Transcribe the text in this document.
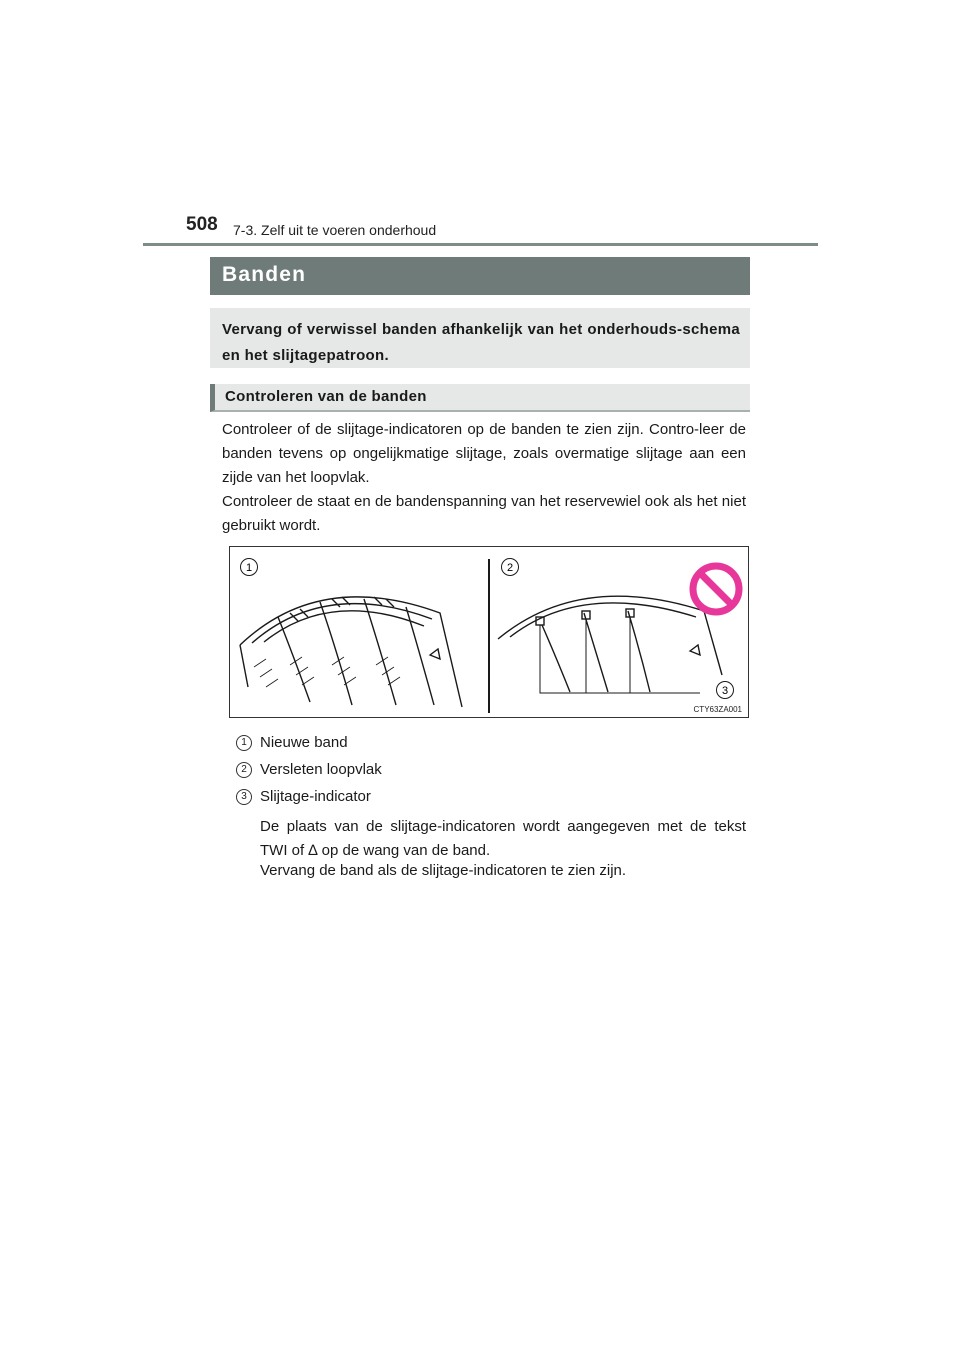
508 7-3. Zelf uit te voeren onderhoud
Banden
Vervang of verwissel banden afhankelijk van het onderhouds-schema en het slijtagepatroon.
Controleren van de banden

Controleer of de slijtage-indicatoren op de banden te zien zijn. Contro-leer de banden tevens op ongelijkmatige slijtage, zoals overmatige slijtage aan een zijde van het loopvlak.

Controleer de staat en de bandenspanning van het reservewiel ook als het niet gebruikt wordt.

1	2
3
CTY63ZA001
1 Nieuwe band
2 Versleten loopvlak
3 Slijtage-indicator

De plaats van de slijtage-indicatoren wordt aangegeven met de tekst TWI of ∆ op de wang van de band.

Vervang de band als de slijtage-indicatoren te zien zijn.
